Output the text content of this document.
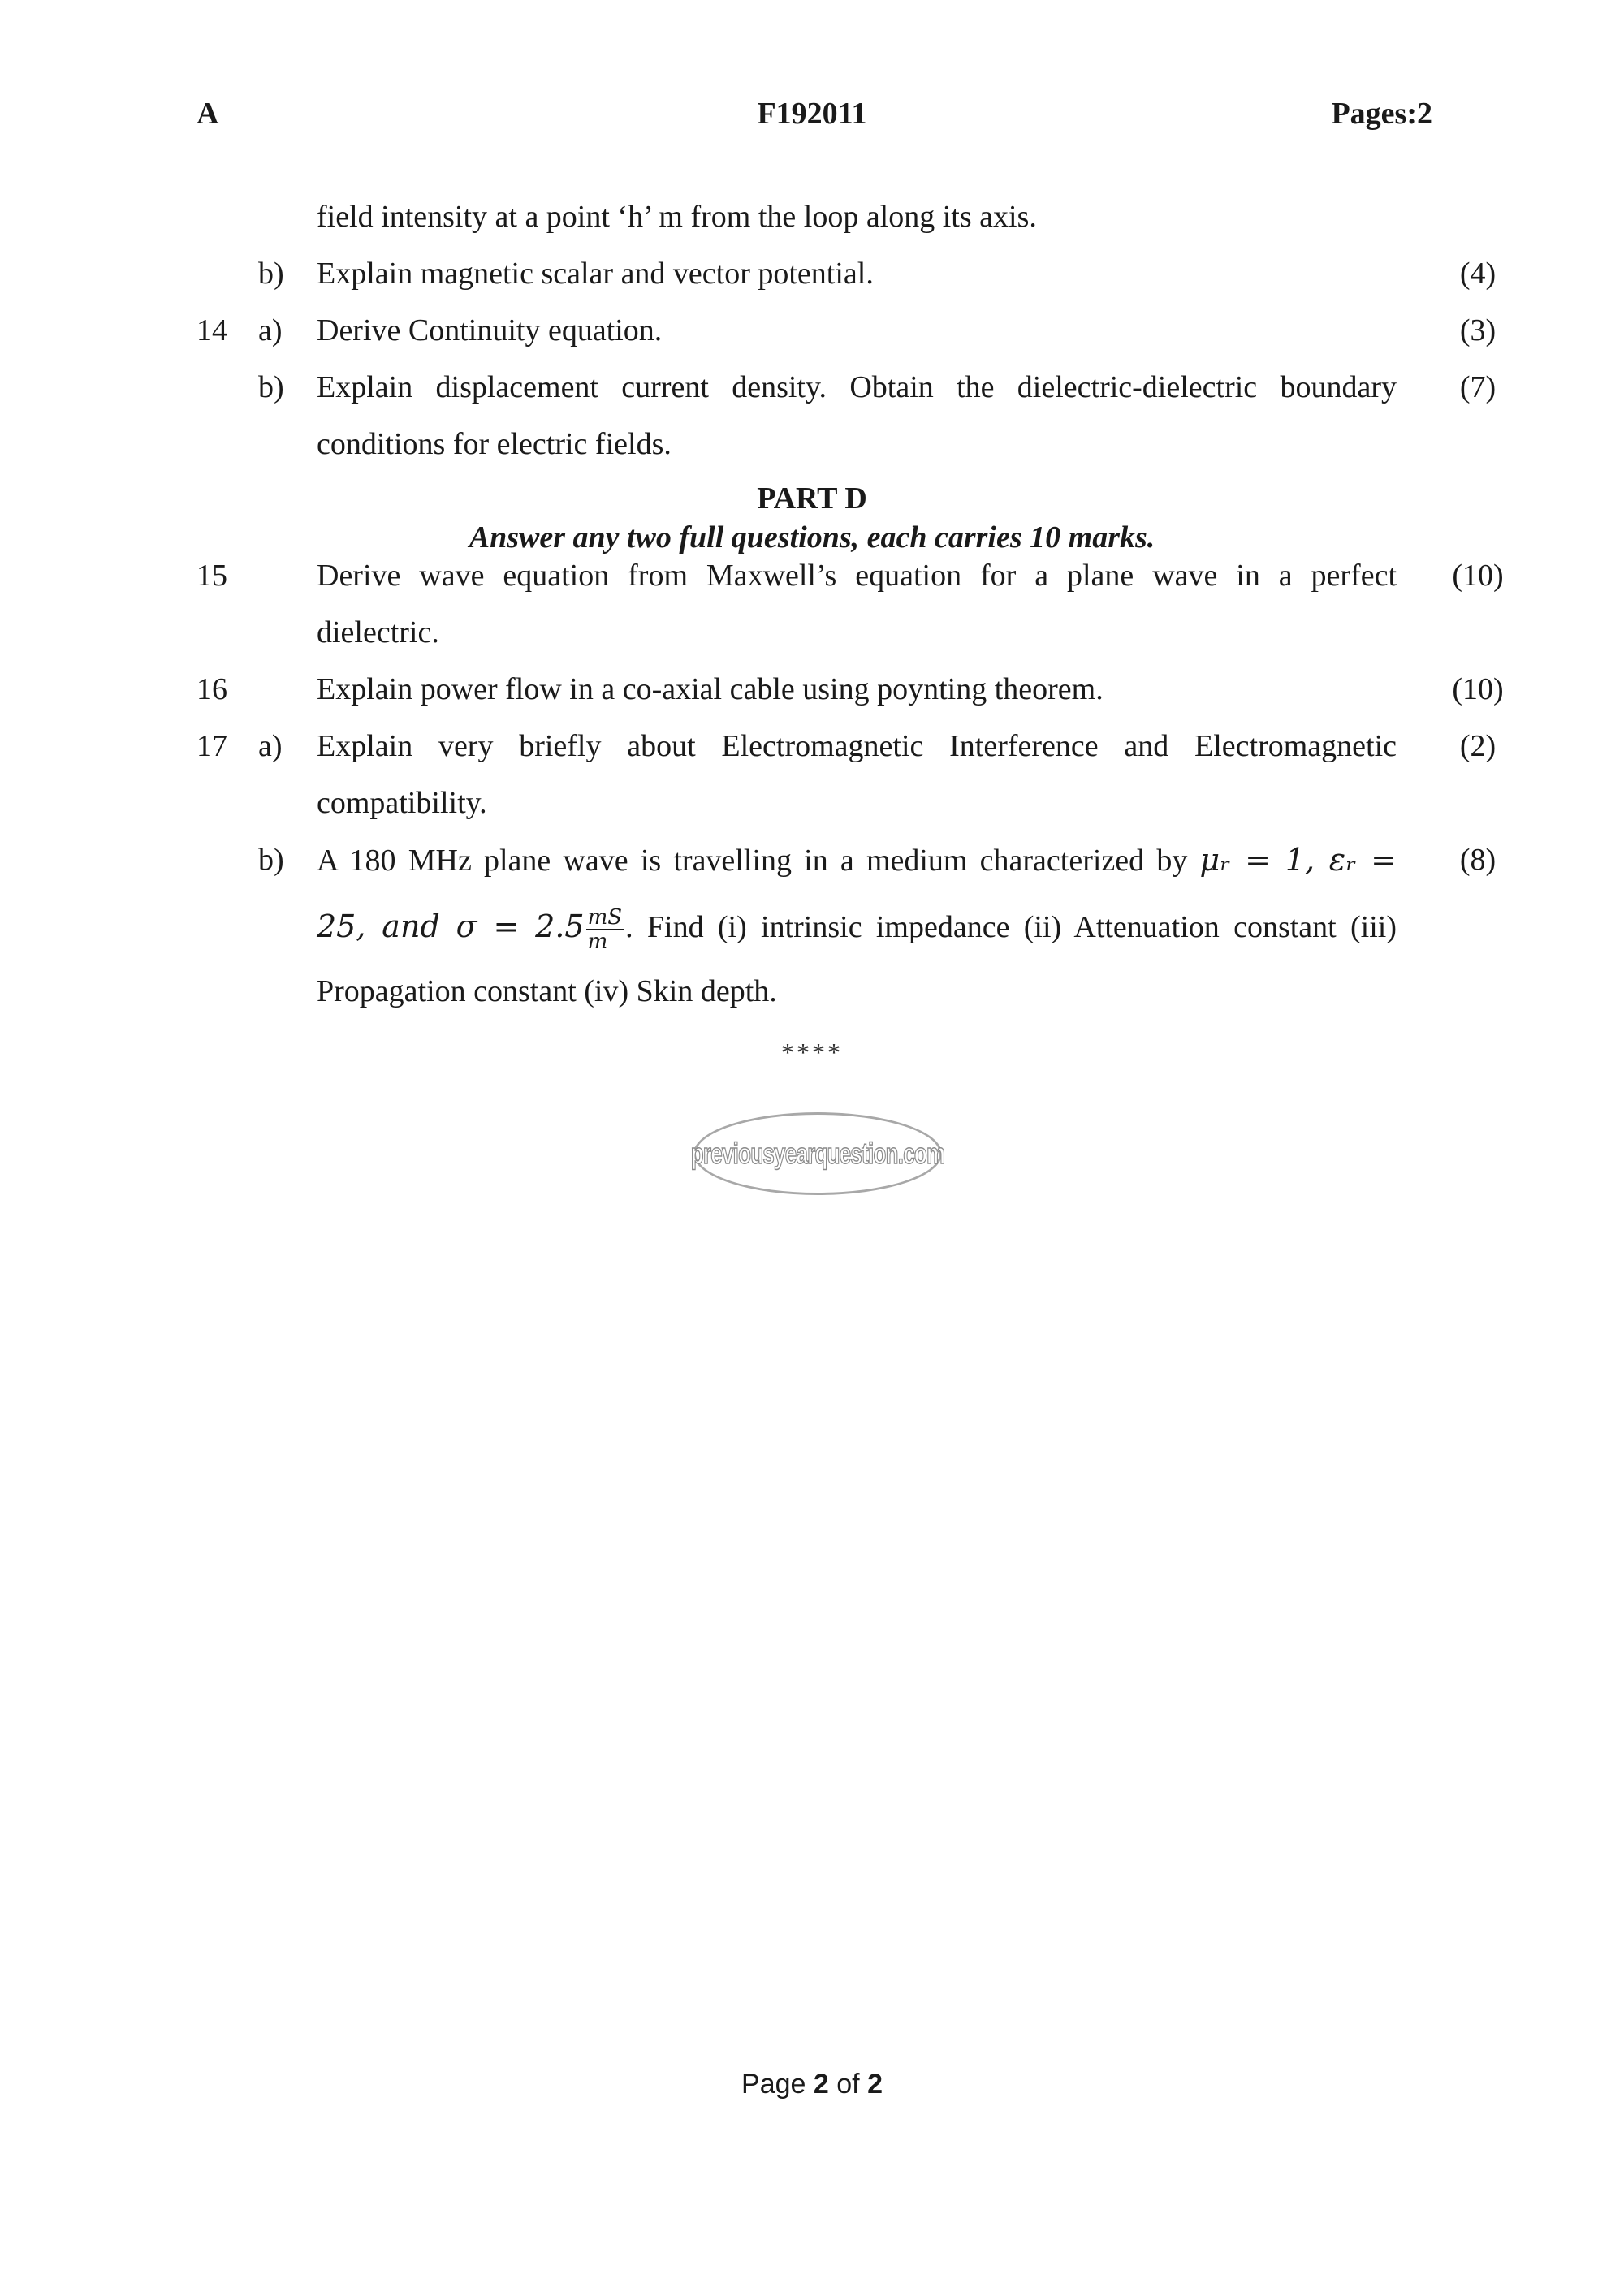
A	F192011	Pages:2
field intensity at a point ‘h’ m from the loop along its axis.
b) Explain magnetic scalar and vector potential.	(4)
14 a) Derive Continuity equation.	(3)
b) Explain displacement current density. Obtain the dielectric-dielectric boundary	(7)
conditions for electric fields.
PART D
Answer any two full questions, each carries 10 marks.
15	Derive wave equation from Maxwell’s equation for a plane wave in a perfect	(10)
dielectric.
16	Explain power flow in a co-axial cable using poynting theorem.	(10)
17 a) Explain very briefly about Electromagnetic Interference and Electromagnetic	(2)
compatibility.
b) A 180 MHz plane wave is travelling in a medium characterized by μᵣ = 1, εᵣ =	(8)
25, and $\sigma = 2.5 \frac{mS}{m}$ . Find (i) intrinsic impedance (ii) Attenuation constant (iii)
Propagation constant (iv) Skin depth.
****
previousyearquestion.com
Page 2 of 2
